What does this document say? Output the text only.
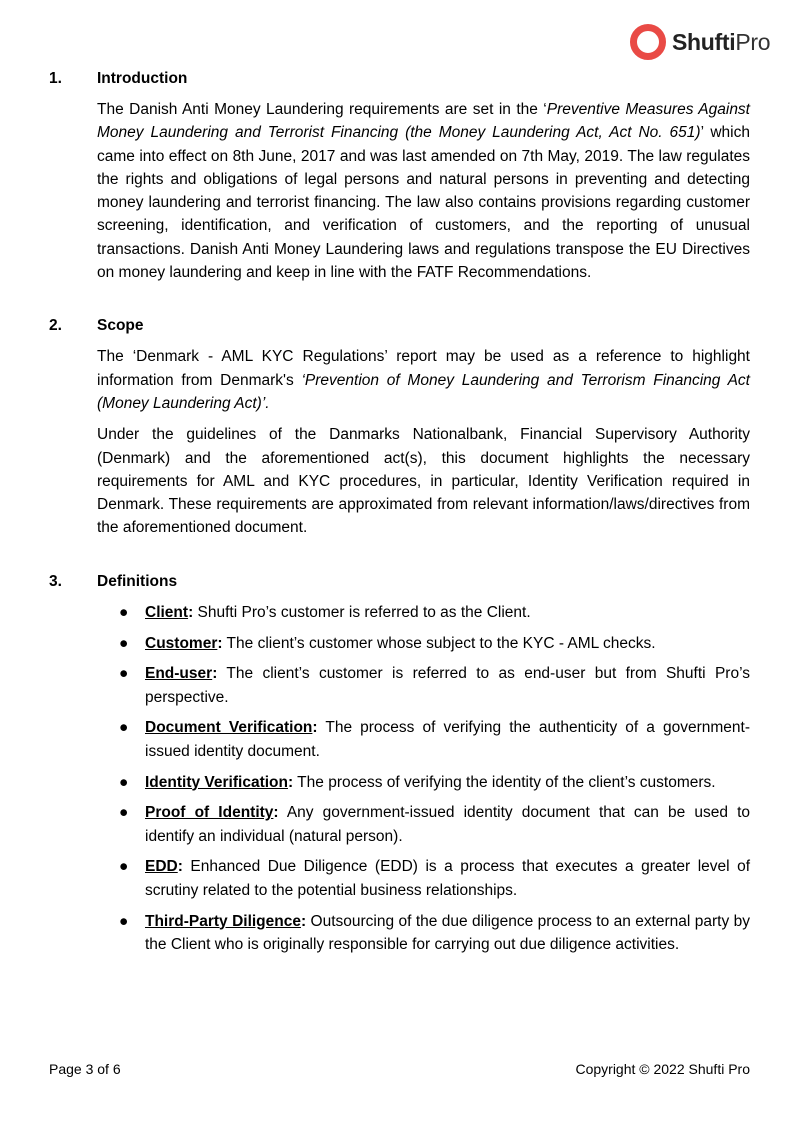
ShuftiPro
1.	Introduction

The Danish Anti Money Laundering requirements are set in the ‘Preventive Measures Against Money Laundering and Terrorist Financing (the Money Laundering Act, Act No. 651)’ which came into effect on 8th June, 2017 and was last amended on 7th May, 2019. The law regulates the rights and obligations of legal persons and natural persons in preventing and detecting money laundering and terrorist financing. The law also contains provisions regarding customer screening, identification, and verification of customers, and the reporting of unusual transactions. Danish Anti Money Laundering laws and regulations transpose the EU Directives on money laundering and keep in line with the FATF Recommendations.

2.	Scope

The ‘Denmark - AML KYC Regulations’ report may be used as a reference to highlight information from Denmark's ‘Prevention of Money Laundering and Terrorism Financing Act (Money Laundering Act)’.

Under the guidelines of the Danmarks Nationalbank, Financial Supervisory Authority (Denmark) and the aforementioned act(s), this document highlights the necessary requirements for AML and KYC procedures, in particular, Identity Verification required in Denmark. These requirements are approximated from relevant information/laws/directives from the aforementioned document.

3.	Definitions
● Client: Shufti Pro’s customer is referred to as the Client.
● Customer: The client’s customer whose subject to the KYC - AML checks.
● End-user: The client’s customer is referred to as end-user but from Shufti Pro’s perspective.
● Document Verification: The process of verifying the authenticity of a government-issued identity document.
● Identity Verification: The process of verifying the identity of the client’s customers.
● Proof of Identity: Any government-issued identity document that can be used to identify an individual (natural person).
● EDD: Enhanced Due Diligence (EDD) is a process that executes a greater level of scrutiny related to the potential business relationships.
● Third-Party Diligence: Outsourcing of the due diligence process to an external party by the Client who is originally responsible for carrying out due diligence activities.
Page 3 of 6	Copyright © 2022 Shufti Pro
